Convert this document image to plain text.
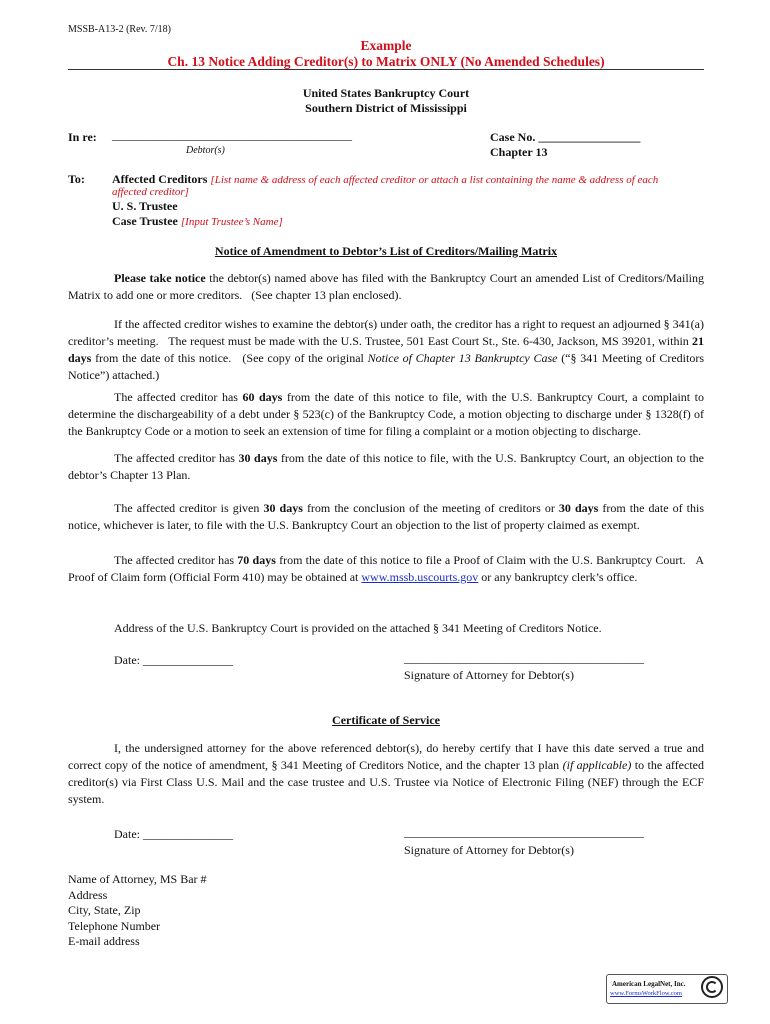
MSSB-A13-2 (Rev. 7/18)
Example
Ch. 13 Notice Adding Creditor(s) to Matrix ONLY (No Amended Schedules)
United States Bankruptcy Court
Southern District of Mississippi
In re: ________________________________________
Debtor(s)
Case No. _________________
Chapter 13
To: Affected Creditors [List name & address of each affected creditor or attach a list containing the name & address of each
affected creditor]
U. S. Trustee
Case Trustee [Input Trustee’s Name]
Notice of Amendment to Debtor’s List of Creditors/Mailing Matrix
Please take notice the debtor(s) named above has filed with the Bankruptcy Court an amended List of Creditors/Mailing Matrix to add one or more creditors.   (See chapter 13 plan enclosed).
If the affected creditor wishes to examine the debtor(s) under oath, the creditor has a right to request an adjourned § 341(a) creditor’s meeting.   The request must be made with the U.S. Trustee, 501 East Court St., Ste. 6-430, Jackson, MS 39201, within 21 days from the date of this notice.   (See copy of the original Notice of Chapter 13 Bankruptcy Case (“§ 341 Meeting of Creditors Notice”) attached.)
The affected creditor has 60 days from the date of this notice to file, with the U.S. Bankruptcy Court, a complaint to determine the dischargeability of a debt under § 523(c) of the Bankruptcy Code, a motion objecting to discharge under § 1328(f) of the Bankruptcy Code or a motion to seek an extension of time for filing a complaint or a motion objecting to discharge.
The affected creditor has 30 days from the date of this notice to file, with the U.S. Bankruptcy Court, an objection to the debtor’s Chapter 13 Plan.
The affected creditor is given 30 days from the conclusion of the meeting of creditors or 30 days from the date of this notice, whichever is later, to file with the U.S. Bankruptcy Court an objection to the list of property claimed as exempt.
The affected creditor has 70 days from the date of this notice to file a Proof of Claim with the U.S. Bankruptcy Court.   A Proof of Claim form (Official Form 410) may be obtained at www.mssb.uscourts.gov or any bankruptcy clerk’s office.
Address of the U.S. Bankruptcy Court is provided on the attached § 341 Meeting of Creditors Notice.
Date: _______________	________________________________________
Signature of Attorney for Debtor(s)
Certificate of Service
I, the undersigned attorney for the above referenced debtor(s), do hereby certify that I have this date served a true and correct copy of the notice of amendment, § 341 Meeting of Creditors Notice, and the chapter 13 plan (if applicable) to the affected creditor(s) via First Class U.S. Mail and the case trustee and U.S. Trustee via Notice of Electronic Filing (NEF) through the ECF system.
Date: _______________	________________________________________
Signature of Attorney for Debtor(s)
Name of Attorney, MS Bar #
Address
City, State, Zip
Telephone Number
E-mail address
American LegalNet, Inc.
www.FormsWorkFlow.com
